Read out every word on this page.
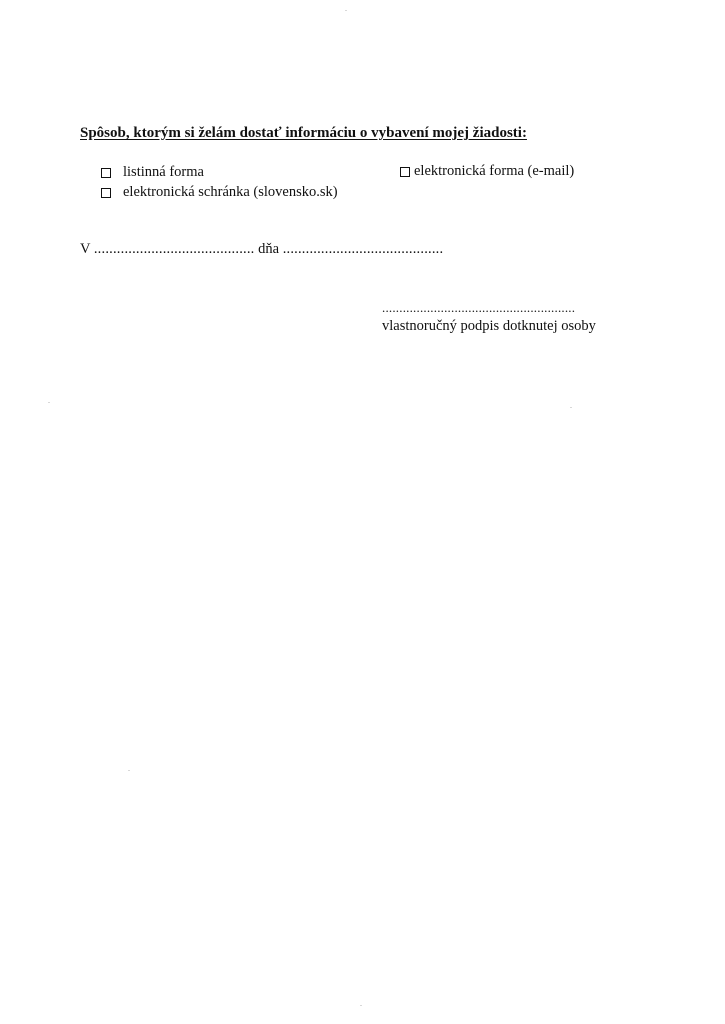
Spôsob, ktorým si želám dostať informáciu o vybavení mojej žiadosti:
listinná forma
elektronická schránka (slovensko.sk)
elektronická forma (e-mail)
V .......................................... dňa ..........................................
........................................................
vlastnoručný podpis dotknutej osoby
